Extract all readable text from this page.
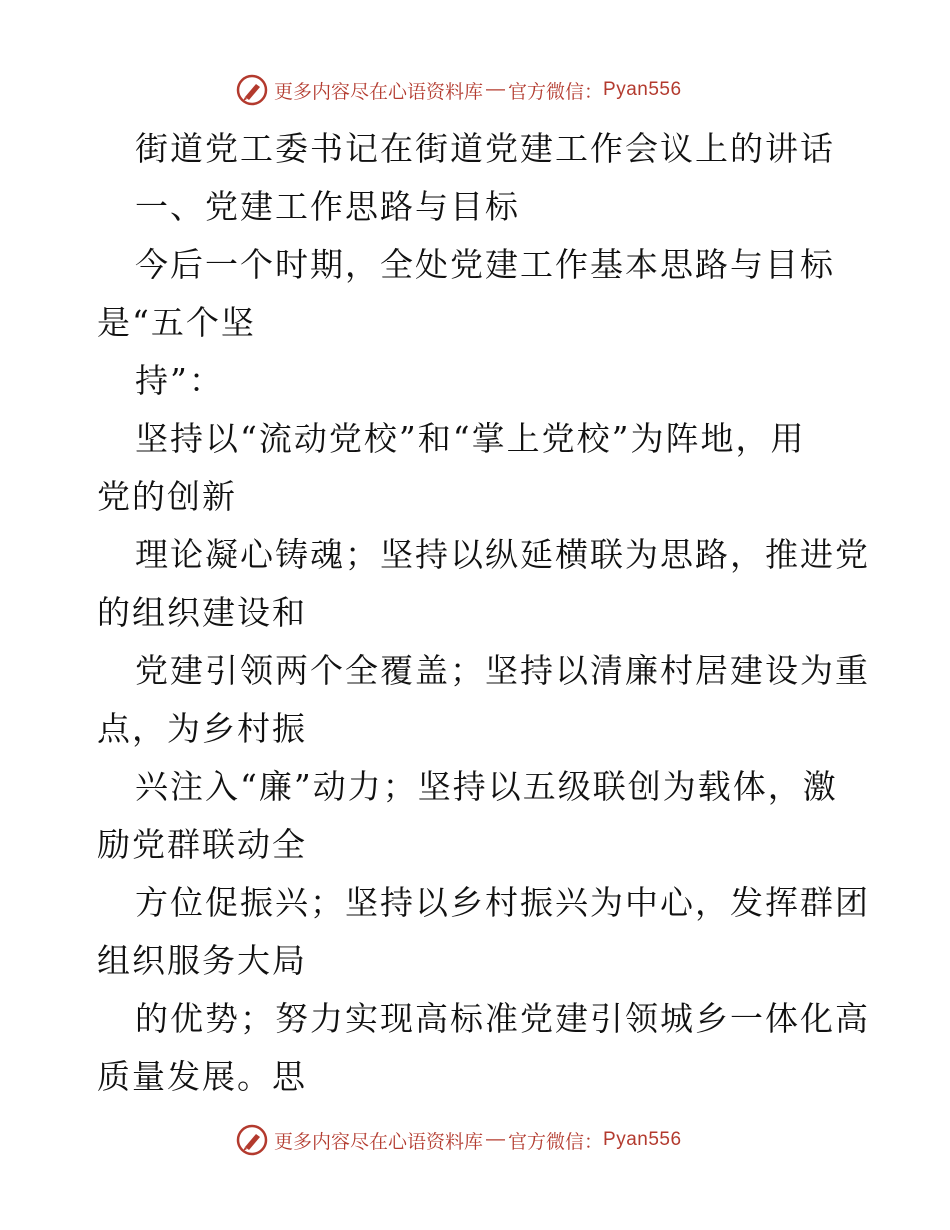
更多内容尽在心语资料库 — 官方微信： Pyan556
街道党工委书记在街道党建工作会议上的讲话
一、党建工作思路与目标
今后一个时期，全处党建工作基本思路与目标
是“五个坚
持”：
坚持以“流动党校”和“掌上党校”为阵地，用
党的创新
理论凝心铸魂；坚持以纵延横联为思路，推进党
的组织建设和
党建引领两个全覆盖；坚持以清廉村居建设为重
点，为乡村振
兴注入“廉”动力；坚持以五级联创为载体，激
励党群联动全
方位促振兴；坚持以乡村振兴为中心，发挥群团
组织服务大局
的优势；努力实现高标准党建引领城乡一体化高
质量发展。思
更多内容尽在心语资料库 — 官方微信： Pyan556
